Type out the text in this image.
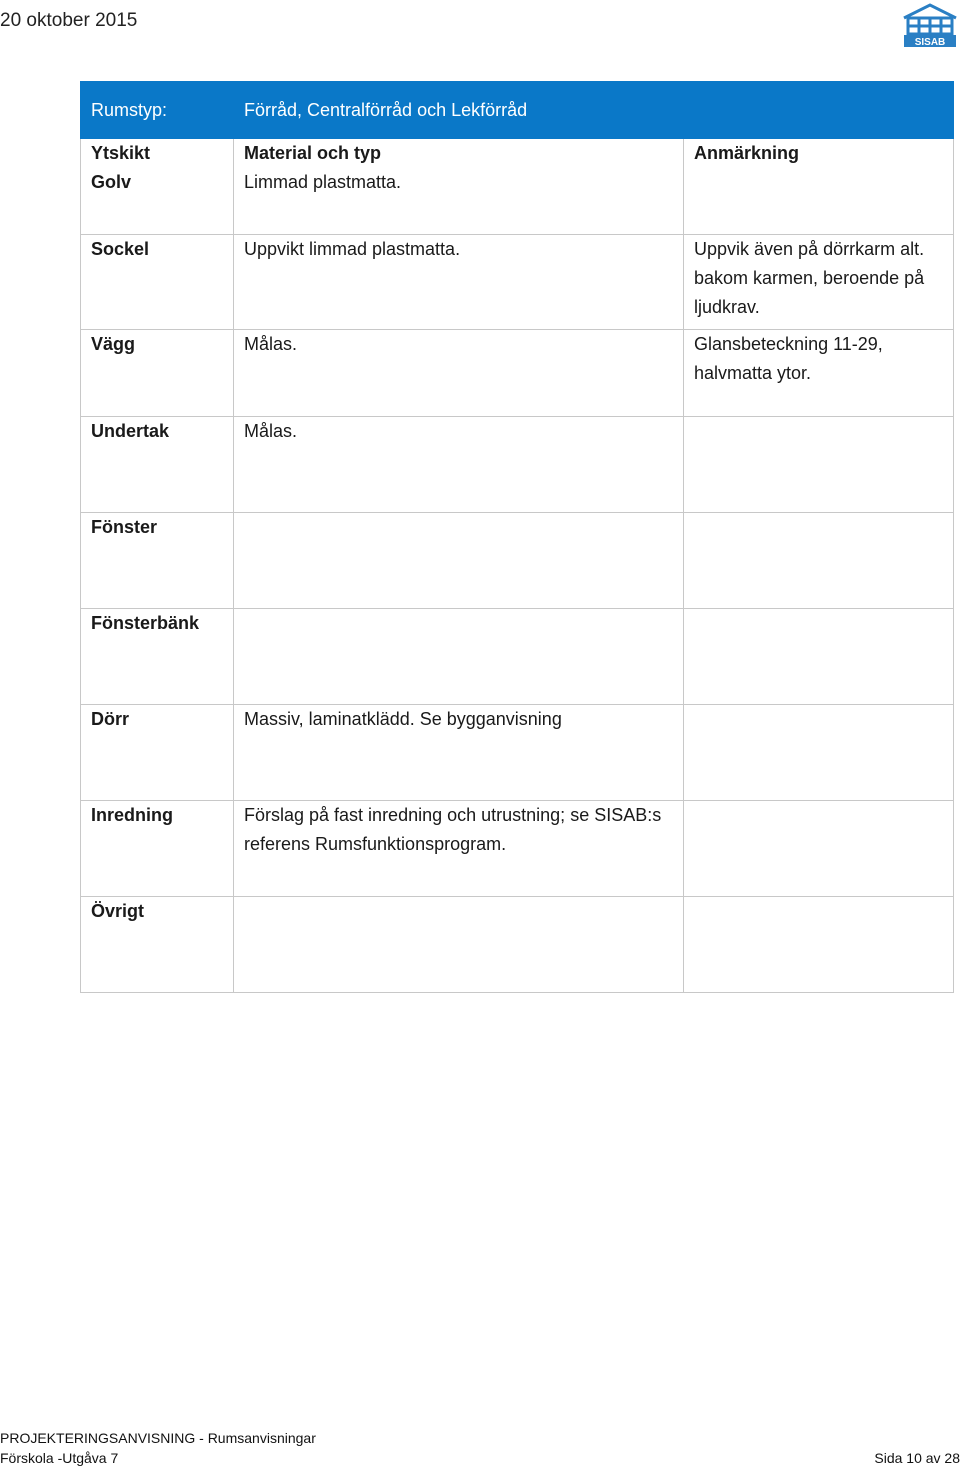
20 oktober 2015
SISAB
Rumstyp:	Förråd, Centralförråd och Lekförråd	
Ytskikt	Material och typ	Anmärkning
Golv	Limmad plastmatta.	
Sockel	Uppvikt limmad plastmatta.	Uppvik även på dörrkarm alt. bakom karmen, beroende på ljudkrav.
Vägg	Målas.	Glansbeteckning 11-29, halvmatta ytor.
Undertak	Målas.	
Fönster		
Fönsterbänk		
Dörr	Massiv, laminatklädd. Se bygganvisning	
Inredning	Förslag på fast inredning och utrustning; se SISAB:s referens Rumsfunktionsprogram.	
Övrigt		
PROJEKTERINGSANVISNING - Rumsanvisningar
Förskola -Utgåva 7	Sida 10 av 28
